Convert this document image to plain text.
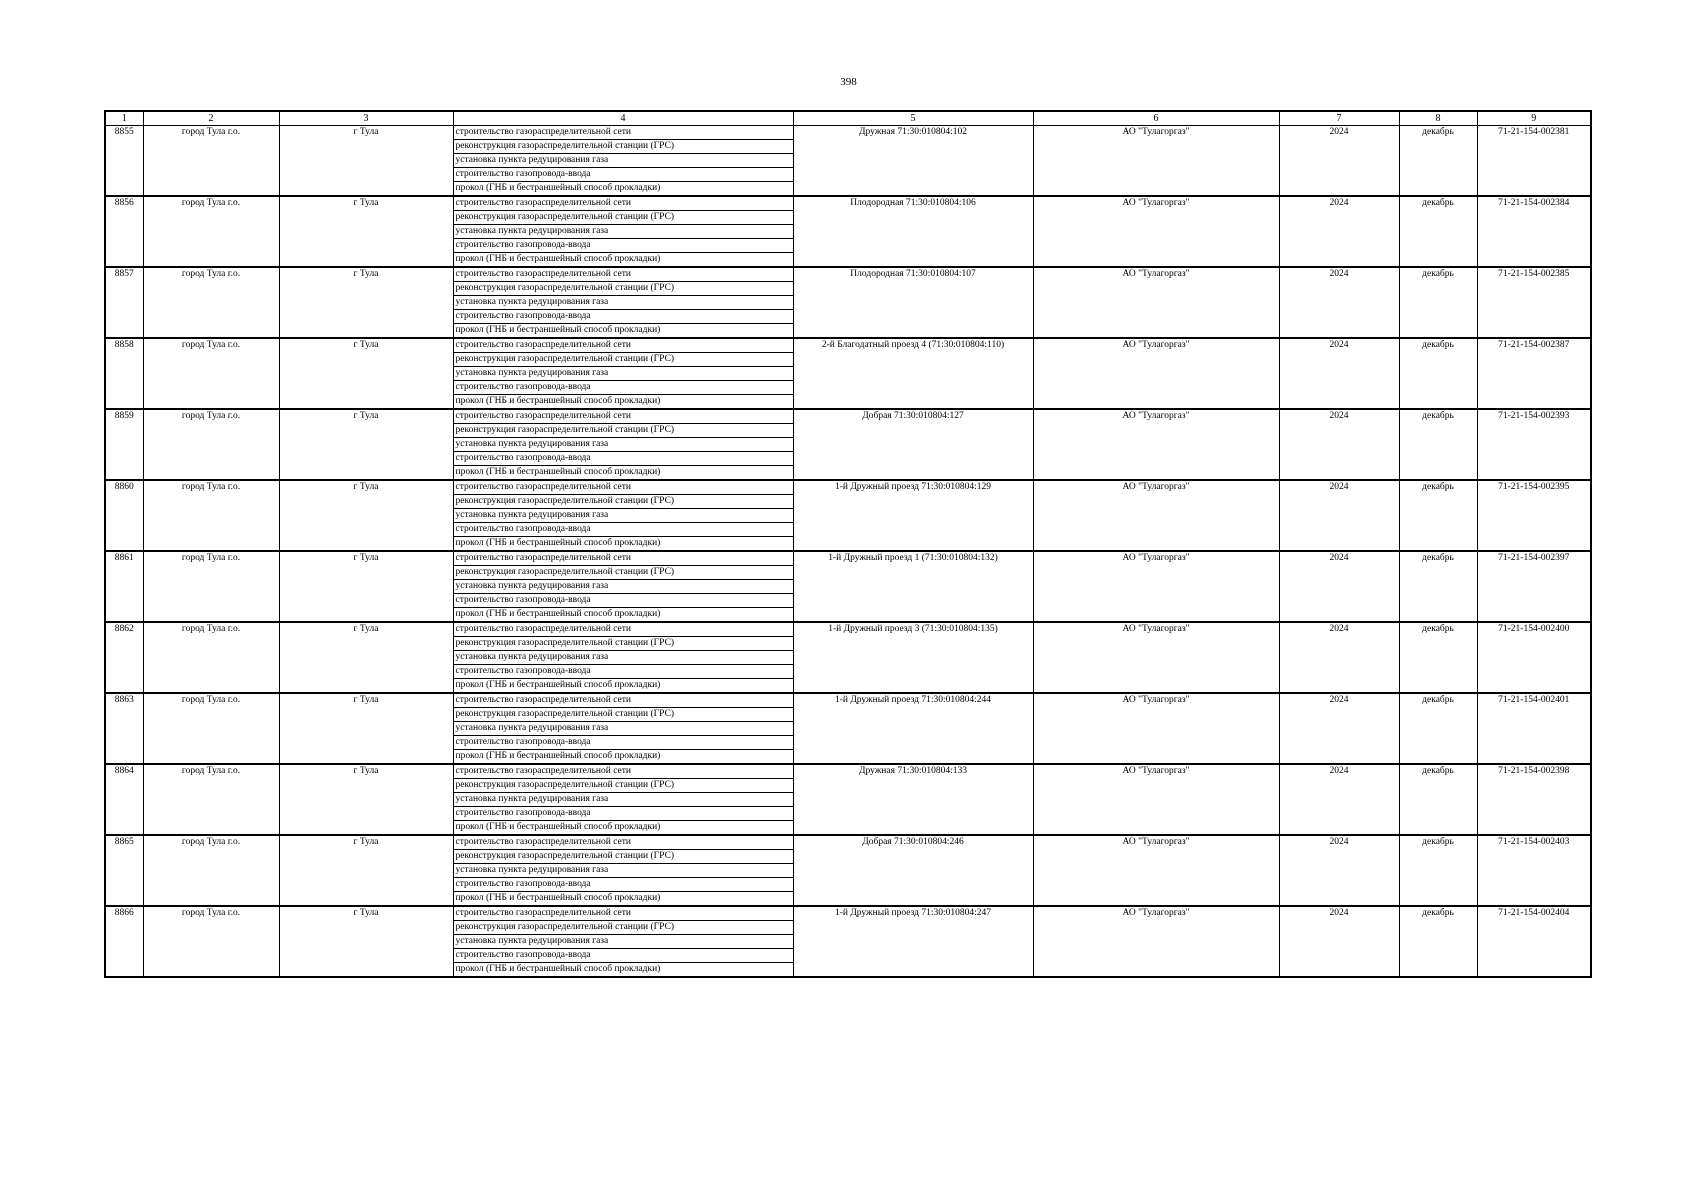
398
1	2	3	4	5	6	7	8	9
8855	город Тула г.о.	г Тула	строительство газораспределительной сети	Дружная 71:30:010804:102	АО "Тулагоргаз"	2024	декабрь	71-21-154-002381
			реконструкция газораспределительной станции (ГРС)					
			установка пункта редуцирования газа					
			строительство газопровода-ввода					
			прокол (ГНБ и бестраншейный способ прокладки)					
8856	город Тула г.о.	г Тула	строительство газораспределительной сети	Плодородная 71:30:010804:106	АО "Тулагоргаз"	2024	декабрь	71-21-154-002384
			реконструкция газораспределительной станции (ГРС)					
			установка пункта редуцирования газа					
			строительство газопровода-ввода					
			прокол (ГНБ и бестраншейный способ прокладки)					
8857	город Тула г.о.	г Тула	строительство газораспределительной сети	Плодородная 71:30:010804:107	АО "Тулагоргаз"	2024	декабрь	71-21-154-002385
			реконструкция газораспределительной станции (ГРС)					
			установка пункта редуцирования газа					
			строительство газопровода-ввода					
			прокол (ГНБ и бестраншейный способ прокладки)					
8858	город Тула г.о.	г Тула	строительство газораспределительной сети	2-й Благодатный проезд 4 (71:30:010804:110)	АО "Тулагоргаз"	2024	декабрь	71-21-154-002387
			реконструкция газораспределительной станции (ГРС)					
			установка пункта редуцирования газа					
			строительство газопровода-ввода					
			прокол (ГНБ и бестраншейный способ прокладки)					
8859	город Тула г.о.	г Тула	строительство газораспределительной сети	Добрая 71:30:010804:127	АО "Тулагоргаз"	2024	декабрь	71-21-154-002393
			реконструкция газораспределительной станции (ГРС)					
			установка пункта редуцирования газа					
			строительство газопровода-ввода					
			прокол (ГНБ и бестраншейный способ прокладки)					
8860	город Тула г.о.	г Тула	строительство газораспределительной сети	1-й Дружный проезд 71:30:010804:129	АО "Тулагоргаз"	2024	декабрь	71-21-154-002395
			реконструкция газораспределительной станции (ГРС)					
			установка пункта редуцирования газа					
			строительство газопровода-ввода					
			прокол (ГНБ и бестраншейный способ прокладки)					
8861	город Тула г.о.	г Тула	строительство газораспределительной сети	1-й Дружный проезд 1 (71:30:010804:132)	АО "Тулагоргаз"	2024	декабрь	71-21-154-002397
			реконструкция газораспределительной станции (ГРС)					
			установка пункта редуцирования газа					
			строительство газопровода-ввода					
			прокол (ГНБ и бестраншейный способ прокладки)					
8862	город Тула г.о.	г Тула	строительство газораспределительной сети	1-й Дружный проезд 3 (71:30:010804:135)	АО "Тулагоргаз"	2024	декабрь	71-21-154-002400
			реконструкция газораспределительной станции (ГРС)					
			установка пункта редуцирования газа					
			строительство газопровода-ввода					
			прокол (ГНБ и бестраншейный способ прокладки)					
8863	город Тула г.о.	г Тула	строительство газораспределительной сети	1-й Дружный проезд 71:30:010804:244	АО "Тулагоргаз"	2024	декабрь	71-21-154-002401
			реконструкция газораспределительной станции (ГРС)					
			установка пункта редуцирования газа					
			строительство газопровода-ввода					
			прокол (ГНБ и бестраншейный способ прокладки)					
8864	город Тула г.о.	г Тула	строительство газораспределительной сети	Дружная 71:30:010804:133	АО "Тулагоргаз"	2024	декабрь	71-21-154-002398
			реконструкция газораспределительной станции (ГРС)					
			установка пункта редуцирования газа					
			строительство газопровода-ввода					
			прокол (ГНБ и бестраншейный способ прокладки)					
8865	город Тула г.о.	г Тула	строительство газораспределительной сети	Добрая 71:30:010804:246	АО "Тулагоргаз"	2024	декабрь	71-21-154-002403
			реконструкция газораспределительной станции (ГРС)					
			установка пункта редуцирования газа					
			строительство газопровода-ввода					
			прокол (ГНБ и бестраншейный способ прокладки)					
8866	город Тула г.о.	г Тула	строительство газораспределительной сети	1-й Дружный проезд 71:30:010804:247	АО "Тулагоргаз"	2024	декабрь	71-21-154-002404
			реконструкция газораспределительной станции (ГРС)					
			установка пункта редуцирования газа					
			строительство газопровода-ввода					
			прокол (ГНБ и бестраншейный способ прокладки)					
